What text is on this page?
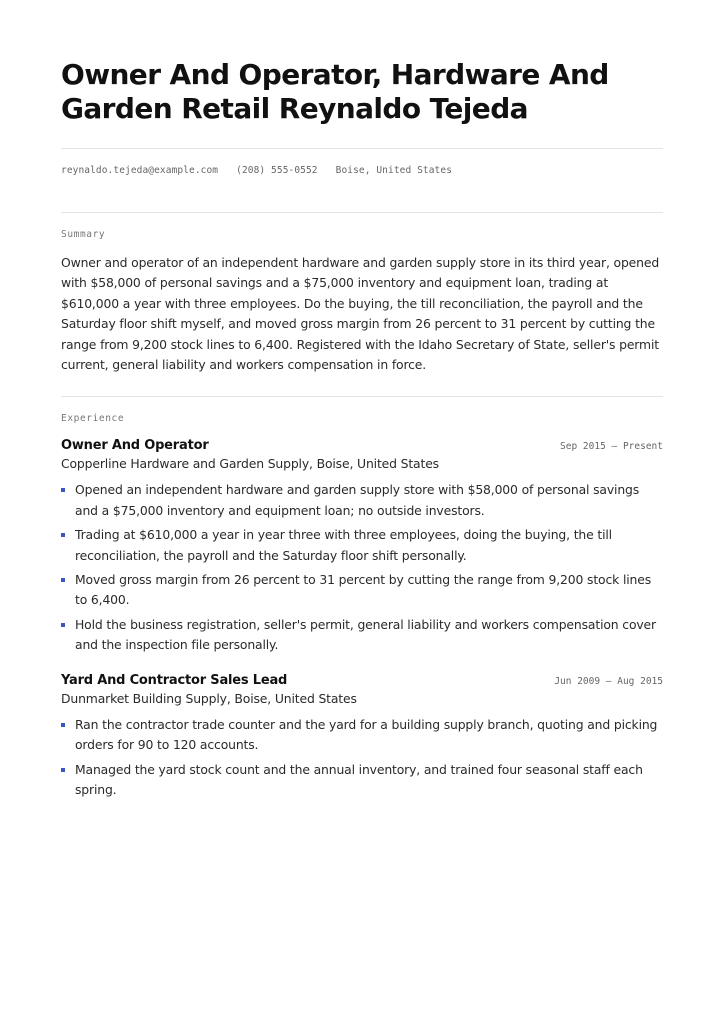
Owner And Operator, Hardware And Garden Retail Reynaldo Tejeda
reynaldo.tejeda@example.com (208) 555-0552 Boise, United States
Summary

Owner and operator of an independent hardware and garden supply store in its third year, opened with $58,000 of personal savings and a $75,000 inventory and equipment loan, trading at $610,000 a year with three employees. Do the buying, the till reconciliation, the payroll and the Saturday floor shift myself, and moved gross margin from 26 percent to 31 percent by cutting the range from 9,200 stock lines to 6,400. Registered with the Idaho Secretary of State, seller's permit current, general liability and workers compensation in force.

Experience
Owner And Operator	Sep 2015 — Present
Copperline Hardware and Garden Supply, Boise, United States
Opened an independent hardware and garden supply store with $58,000 of personal savings and a $75,000 inventory and equipment loan; no outside investors.
Trading at $610,000 a year in year three with three employees, doing the buying, the till reconciliation, the payroll and the Saturday floor shift personally.
Moved gross margin from 26 percent to 31 percent by cutting the range from 9,200 stock lines to 6,400.
Hold the business registration, seller's permit, general liability and workers compensation cover and the inspection file personally.
Yard And Contractor Sales Lead	Jun 2009 — Aug 2015
Dunmarket Building Supply, Boise, United States
Ran the contractor trade counter and the yard for a building supply branch, quoting and picking orders for 90 to 120 accounts.
Managed the yard stock count and the annual inventory, and trained four seasonal staff each spring.
